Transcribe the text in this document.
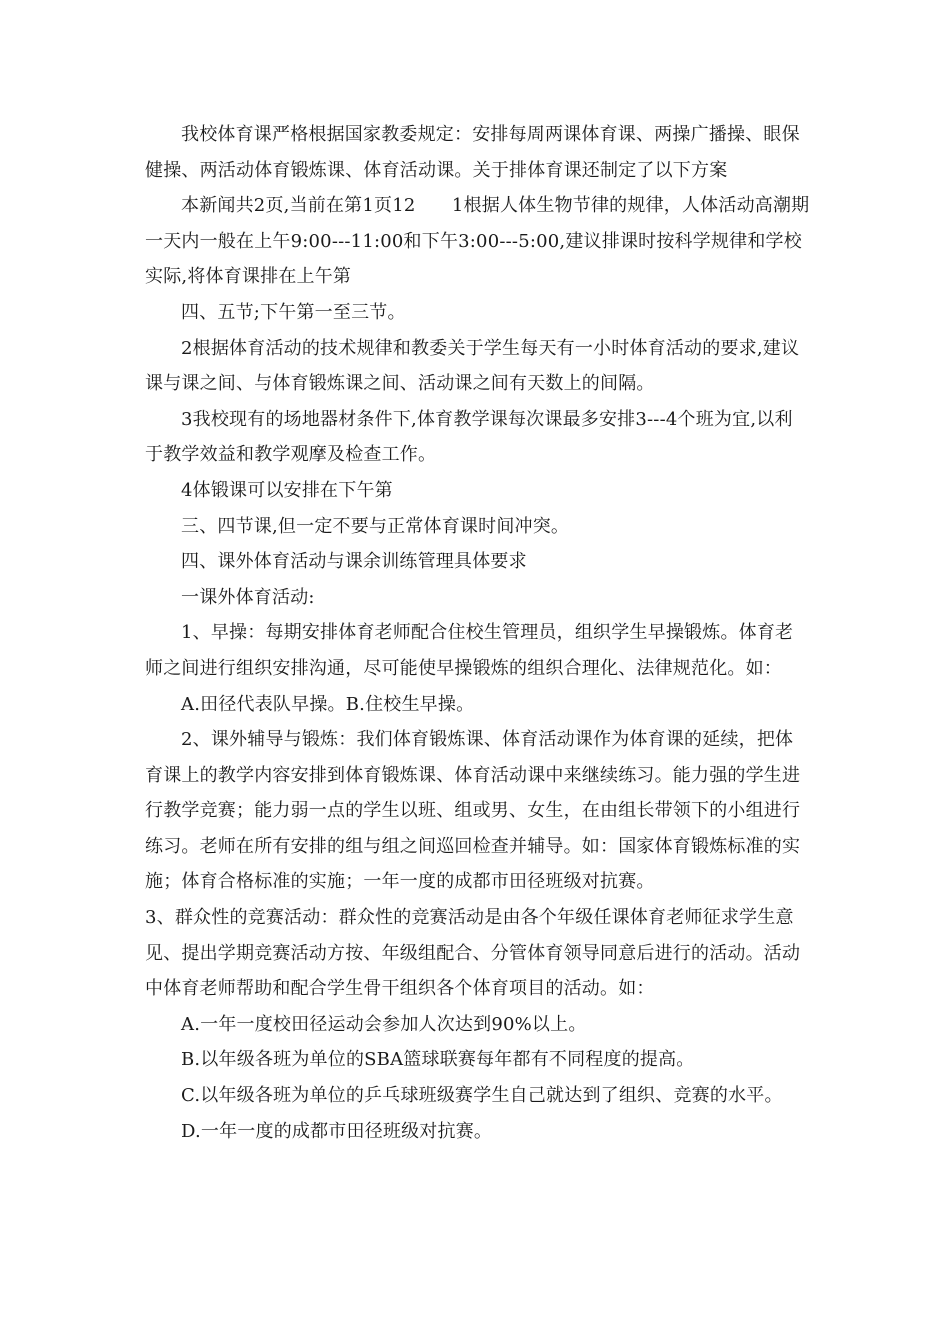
我校体育课严格根据国家教委规定：安排每周两课体育课、两操广播操、眼保健操、两活动体育锻炼课、体育活动课。关于排体育课还制定了以下方案

本新闻共2页,当前在第1页12　　1根据人体生物节律的规律，人体活动高潮期一天内一般在上午9:00---11:00和下午3:00---5:00,建议排课时按科学规律和学校实际,将体育课排在上午第

四、五节;下午第一至三节。

2根据体育活动的技术规律和教委关于学生每天有一小时体育活动的要求,建议课与课之间、与体育锻炼课之间、活动课之间有天数上的间隔。

3我校现有的场地器材条件下,体育教学课每次课最多安排3---4个班为宜,以利于教学效益和教学观摩及检查工作。

4体锻课可以安排在下午第

三、四节课,但一定不要与正常体育课时间冲突。

四、课外体育活动与课余训练管理具体要求

一课外体育活动:

1、早操：每期安排体育老师配合住校生管理员，组织学生早操锻炼。体育老师之间进行组织安排沟通，尽可能使早操锻炼的组织合理化、法律规范化。如：

A.田径代表队早操。B.住校生早操。

2、课外辅导与锻炼：我们体育锻炼课、体育活动课作为体育课的延续，把体育课上的教学内容安排到体育锻炼课、体育活动课中来继续练习。能力强的学生进行教学竞赛；能力弱一点的学生以班、组或男、女生，在由组长带领下的小组进行练习。老师在所有安排的组与组之间巡回检查并辅导。如：国家体育锻炼标准的实施；体育合格标准的实施；一年一度的成都市田径班级对抗赛。

3、群众性的竞赛活动：群众性的竞赛活动是由各个年级任课体育老师征求学生意见、提出学期竞赛活动方按、年级组配合、分管体育领导同意后进行的活动。活动中体育老师帮助和配合学生骨干组织各个体育项目的活动。如：

A.一年一度校田径运动会参加人次达到90%以上。

B.以年级各班为单位的SBA篮球联赛每年都有不同程度的提高。

C.以年级各班为单位的乒乓球班级赛学生自己就达到了组织、竞赛的水平。

D.一年一度的成都市田径班级对抗赛。
